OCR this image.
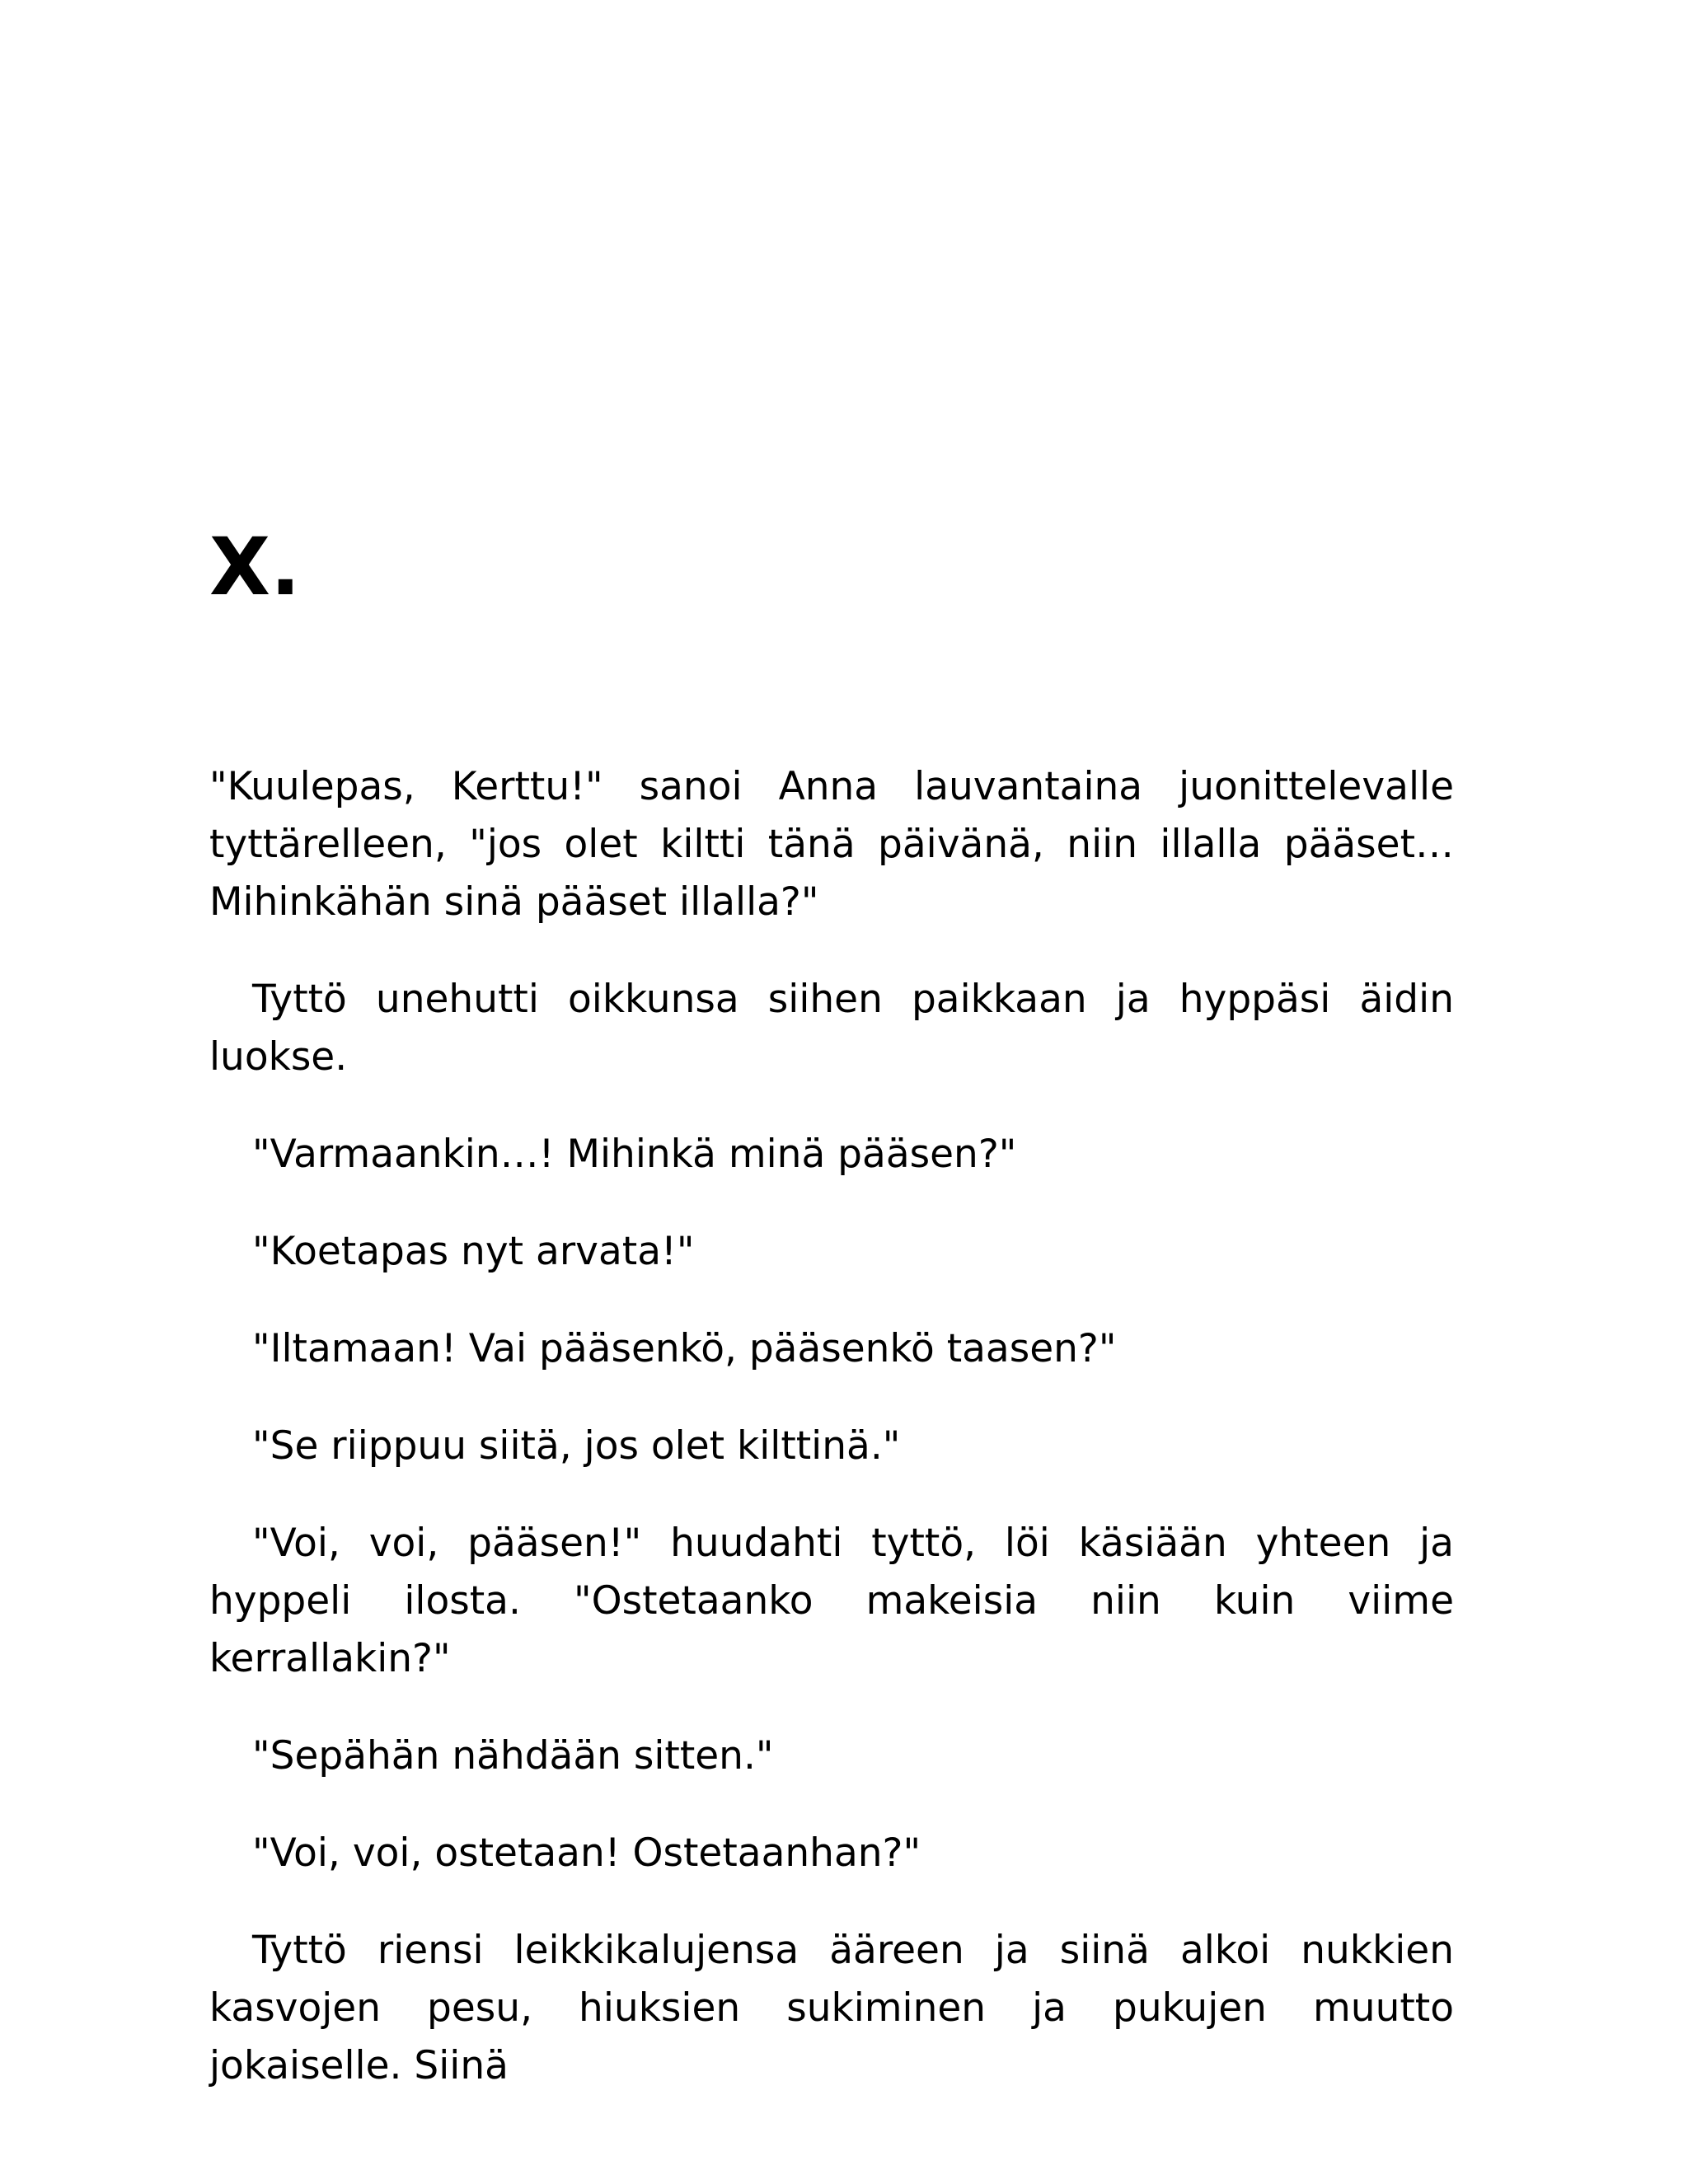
X.

"Kuulepas, Kerttu!" sanoi Anna lauvantaina juonittelevalle tyttärelleen, "jos olet kiltti tänä päivänä, niin illalla pääset… Mihinkähän sinä pääset illalla?"

Tyttö unehutti oikkunsa siihen paikkaan ja hyppäsi äidin luokse.

"Varmaankin…! Mihinkä minä pääsen?"

"Koetapas nyt arvata!"

"Iltamaan! Vai pääsenkö, pääsenkö taasen?"

"Se riippuu siitä, jos olet kilttinä."

"Voi, voi, pääsen!" huudahti tyttö, löi käsiään yhteen ja hyppeli ilosta. "Ostetaanko makeisia niin kuin viime kerrallakin?"

"Sepähän nähdään sitten."

"Voi, voi, ostetaan! Ostetaanhan?"

Tyttö riensi leikkikalujensa ääreen ja siinä alkoi nukkien kasvojen pesu, hiuksien sukiminen ja pukujen muutto jokaiselle. Siinä
